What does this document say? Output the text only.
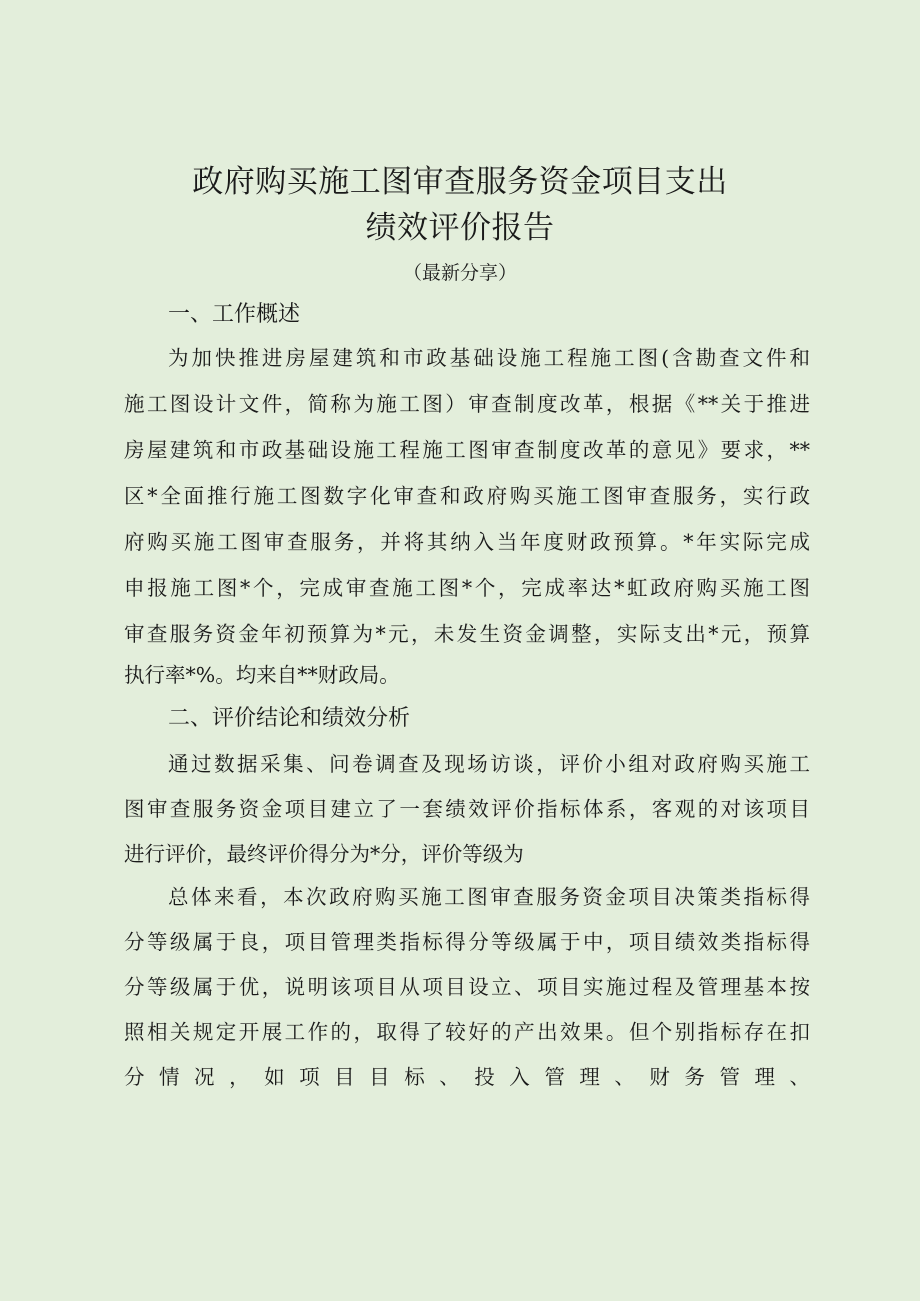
政府购买施工图审查服务资金项目支出
绩效评价报告
（最新分享）
一、工作概述
为加快推进房屋建筑和市政基础设施工程施工图(含勘查文件和
施工图设计文件，简称为施工图）审查制度改革，根据《**关于推进
房屋建筑和市政基础设施工程施工图审查制度改革的意见》要求，**
区*全面推行施工图数字化审查和政府购买施工图审查服务，实行政
府购买施工图审查服务，并将其纳入当年度财政预算。*年实际完成
申报施工图*个，完成审查施工图*个，完成率达*虹政府购买施工图
审查服务资金年初预算为*元，未发生资金调整，实际支出*元，预算
执行率*%。均来自**财政局。
二、评价结论和绩效分析
通过数据采集、问卷调查及现场访谈，评价小组对政府购买施工
图审查服务资金项目建立了一套绩效评价指标体系，客观的对该项目
进行评价，最终评价得分为*分，评价等级为
总体来看，本次政府购买施工图审查服务资金项目决策类指标得
分等级属于良，项目管理类指标得分等级属于中，项目绩效类指标得
分等级属于优，说明该项目从项目设立、项目实施过程及管理基本按
照相关规定开展工作的，取得了较好的产出效果。但个别指标存在扣
分情况，如项目目标、投入管理、财务管理、
